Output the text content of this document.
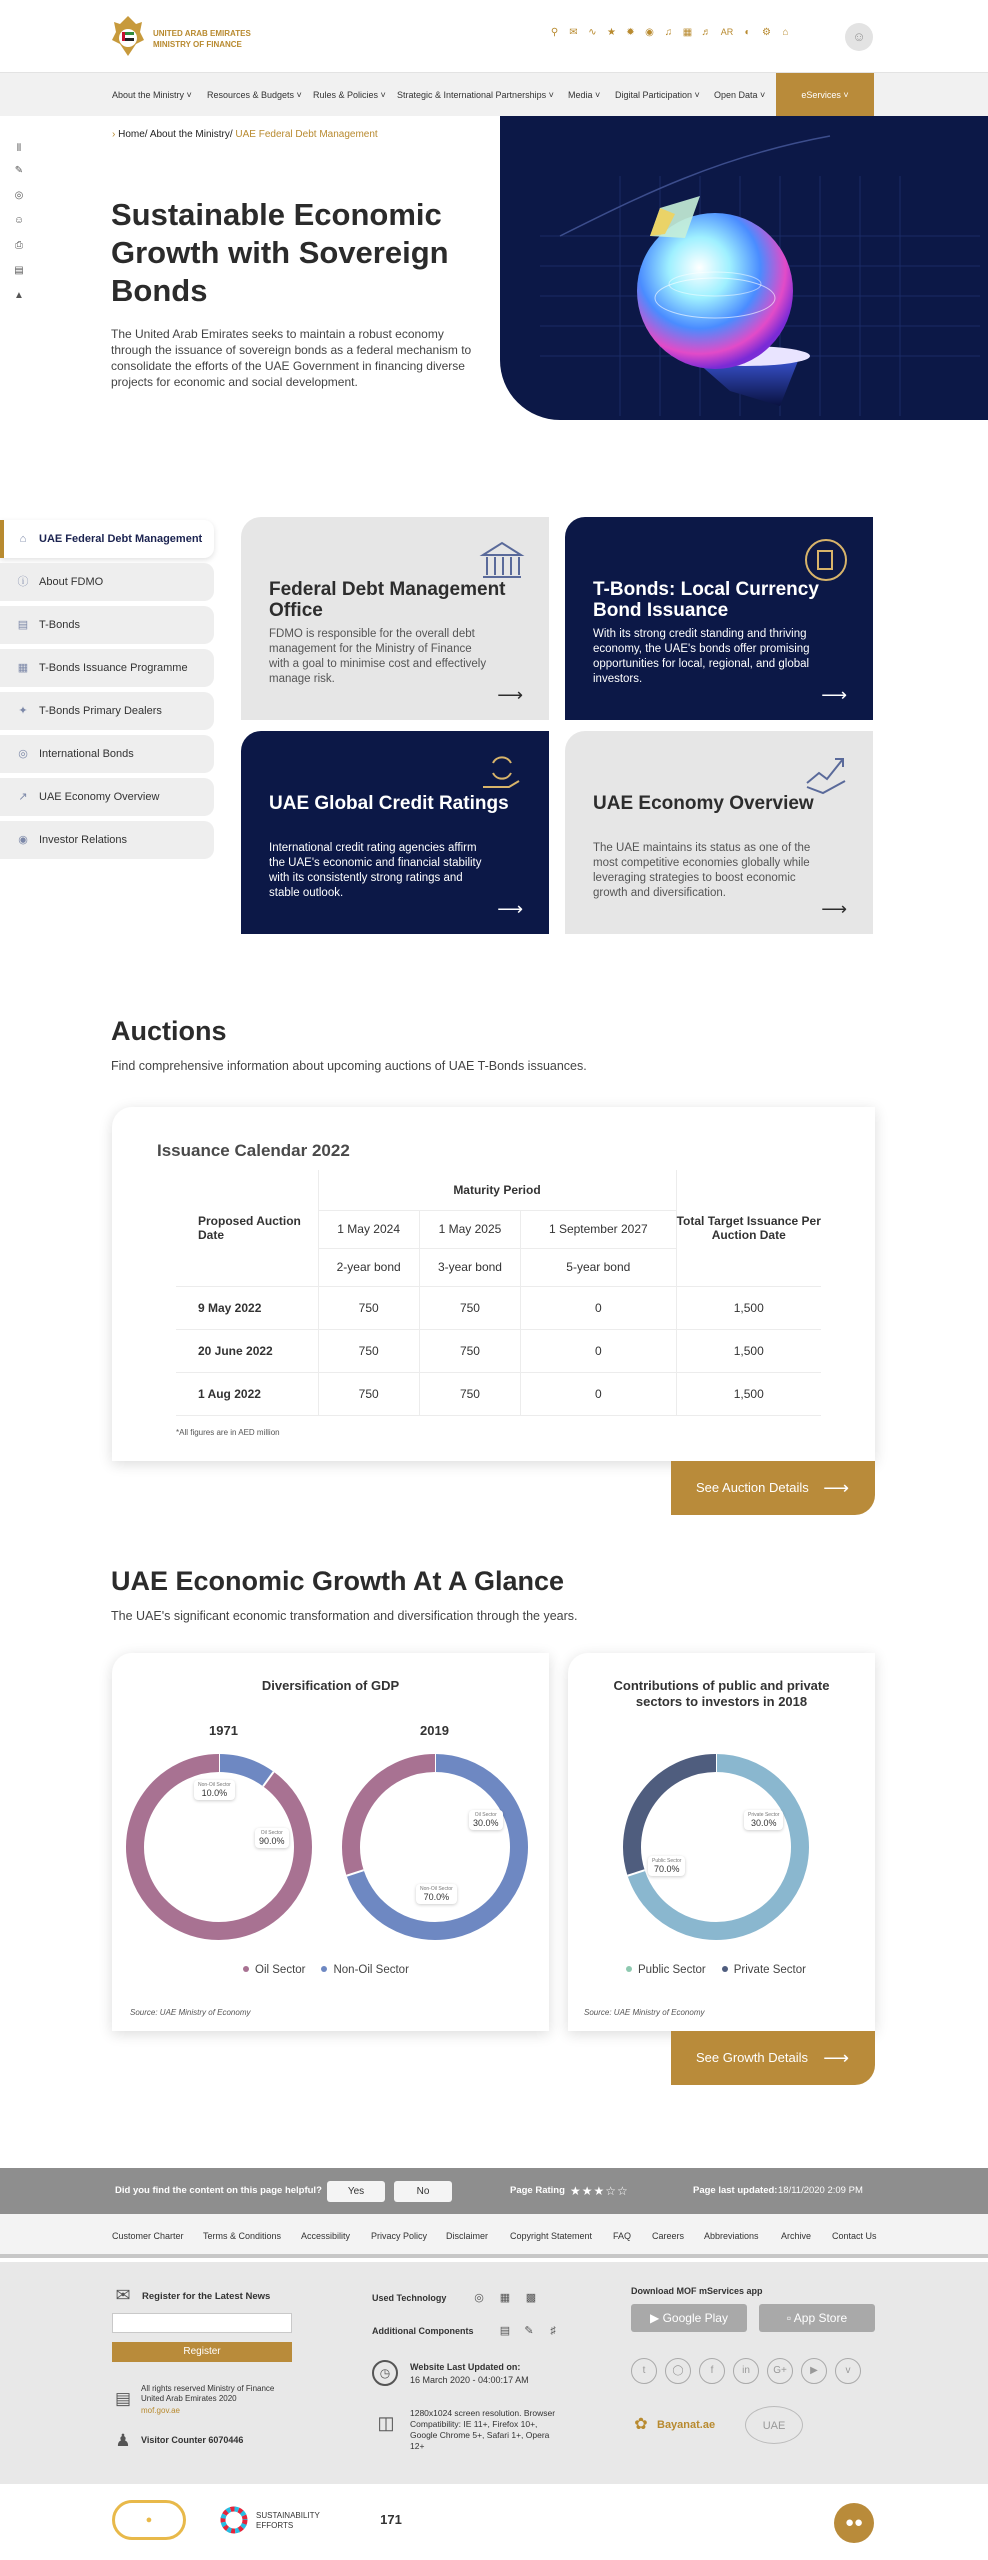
UNITED ARAB EMIRATES
MINISTRY OF FINANCE
⚲ ✉ ∿ ★ ✹ ◉ ♫ ▦ ♬ AR	◐	⚙	⌂	☺
About the Ministry ˅ Resources & Budgets ˅ Rules & Policies ˅ Strategic & International Partnerships ˅ Media ˅ Digital Participation ˅ Open Data ˅	eServices ˅
⫴
✎
◎
☺
⎙
▤
▲
› Home/ About the Ministry/ UAE Federal Debt Management
Sustainable Economic Growth with Sovereign Bonds
The United Arab Emirates seeks to maintain a robust economy through the issuance of sovereign bonds as a federal mechanism to consolidate the efforts of the UAE Government in financing diverse projects for economic and social development.
⌂	UAE Federal Debt Management
ⓘ About FDMO
▤ T-Bonds
▦ T-Bonds Issuance Programme
✦ T-Bonds Primary Dealers
◎ International Bonds
↗ UAE Economy Overview
◉ Investor Relations
Federal Debt Management Office

FDMO is responsible for the overall debt management for the Ministry of Finance with a goal to minimise cost and effectively manage risk.

⟶
T-Bonds: Local Currency Bond Issuance

With its strong credit standing and thriving economy, the UAE's bonds offer promising opportunities for local, regional, and global investors.

⟶
UAE Global Credit Ratings

International credit rating agencies affirm the UAE's economic and financial stability with its consistently strong ratings and stable outlook.

⟶
UAE Economy Overview

The UAE maintains its status as one of the most competitive economies globally while leveraging strategies to boost economic growth and diversification.

⟶
Auctions
Find comprehensive information about upcoming auctions of UAE T-Bonds issuances.
Issuance Calendar 2022
Proposed Auction Date	Maturity Period			Total Target Issuance Per Auction Date
	1 May 2024	1 May 2025	1 September 2027	
	2-year bond	3-year bond	5-year bond	
9 May 2022	750	750	0	1,500
20 June 2022	750	750	0	1,500
1 Aug 2022	750	750	0	1,500
*All figures are in AED million
See Auction Details ⟶
UAE Economic Growth At A Glance
The UAE's significant economic transformation and diversification through the years.
Diversification of GDP	Contributions of public and private sectors to investors in 2018
1971	2019
Non-Oil Sector
10.0%
Oil Sector
90.0%
Oil Sector
30.0%
Non-Oil Sector
70.0%
Private Sector
30.0%
Public Sector
70.0%
Oil Sector Non-Oil Sector	Public Sector Private Sector
Source: UAE Ministry of Economy	Source: UAE Ministry of Economy
See Growth Details ⟶
Did you find the content on this page helpful?	Yes	No	Page Rating ★★★☆☆	Page last updated: 18/11/2020 2:09 PM
Customer Charter Terms & Conditions Accessibility Privacy Policy Disclaimer Copyright Statement FAQ Careers Abbreviations Archive Contact Us
✉	Register for the Latest News
Register
▤
All rights reserved Ministry of Finance United Arab Emirates 2020
mof.gov.ae
♟	Visitor Counter 6070446
Used Technology	◎ ▦ ▩
Additional Components ▤ ✎	♯
◷	Website Last Updated on:
16 March 2020 - 04:00:17 AM
◫	1280x1024 screen resolution. Browser Compatibility: IE 11+, Firefox 10+, Google Chrome 5+, Safari 1+, Opera 12+
Download MOF mServices app
▶ Google Play	▫ App Store
t	◯	f	in	G+	▶	v
✿ Bayanat.ae	UAE
●	SUSTAINABILITY EFFORTS	171	●●
